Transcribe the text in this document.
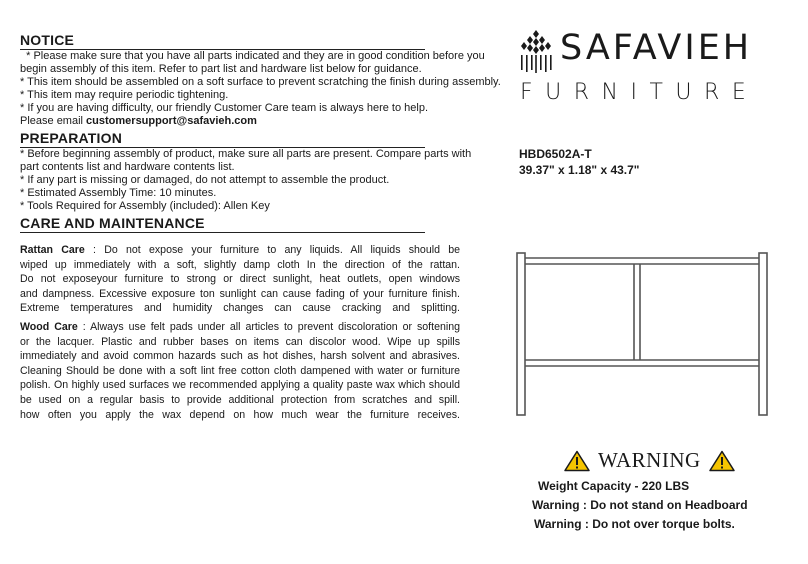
NOTICE

* Please make sure that you have all parts indicated and they are in good condition before you

begin assembly of this item. Refer to part list and hardware list below for guidance.

* This item should be assembled on a soft surface to prevent scratching the finish during assembly.

* This item may require periodic tightening.

* If you are having difficulty, our friendly Customer Care team is always here to help.

Please email customersupport@safavieh.com

PREPARATION

* Before beginning assembly of product, make sure all parts are present. Compare parts with

part contents list and hardware contents list.

* If any part is missing or damaged, do not attempt to assemble the product.

* Estimated Assembly Time: 10 minutes.

* Tools Required for Assembly (included): Allen Key

CARE AND MAINTENANCE

Rattan Care : Do not expose your furniture to any liquids. All liquids should be

wiped up immediately with a soft, slightly damp cloth In the direction of the rattan.

Do not exposeyour furniture to strong or direct sunlight, heat outlets, open windows

and dampness. Excessive exposure ton sunlight can cause fading of your furniture finish.

Extreme temperatures and humidity changes can cause cracking and splitting.

Wood Care : Always use felt pads under all articles to prevent discoloration or softening

or the lacquer. Plastic and rubber bases on items can discolor wood. Wipe up spills

immediately and avoid common hazards such as hot dishes, harsh solvent and abrasives.

Cleaning Should be done with a soft lint free cotton cloth dampened with water or furniture

polish. On highly used surfaces we recommended applying a quality paste wax which should

be used on a regular basis to provide additional protection from scratches and spill.

how often you apply the wax depend on how much wear the furniture receives.

SAFAVIEH
FURNITURE
HBD6502A-T
39.37" x 1.18" x 43.7"
WARNING
Weight Capacity - 220 LBS
Warning : Do not stand on Headboard
Warning : Do not over torque bolts.
